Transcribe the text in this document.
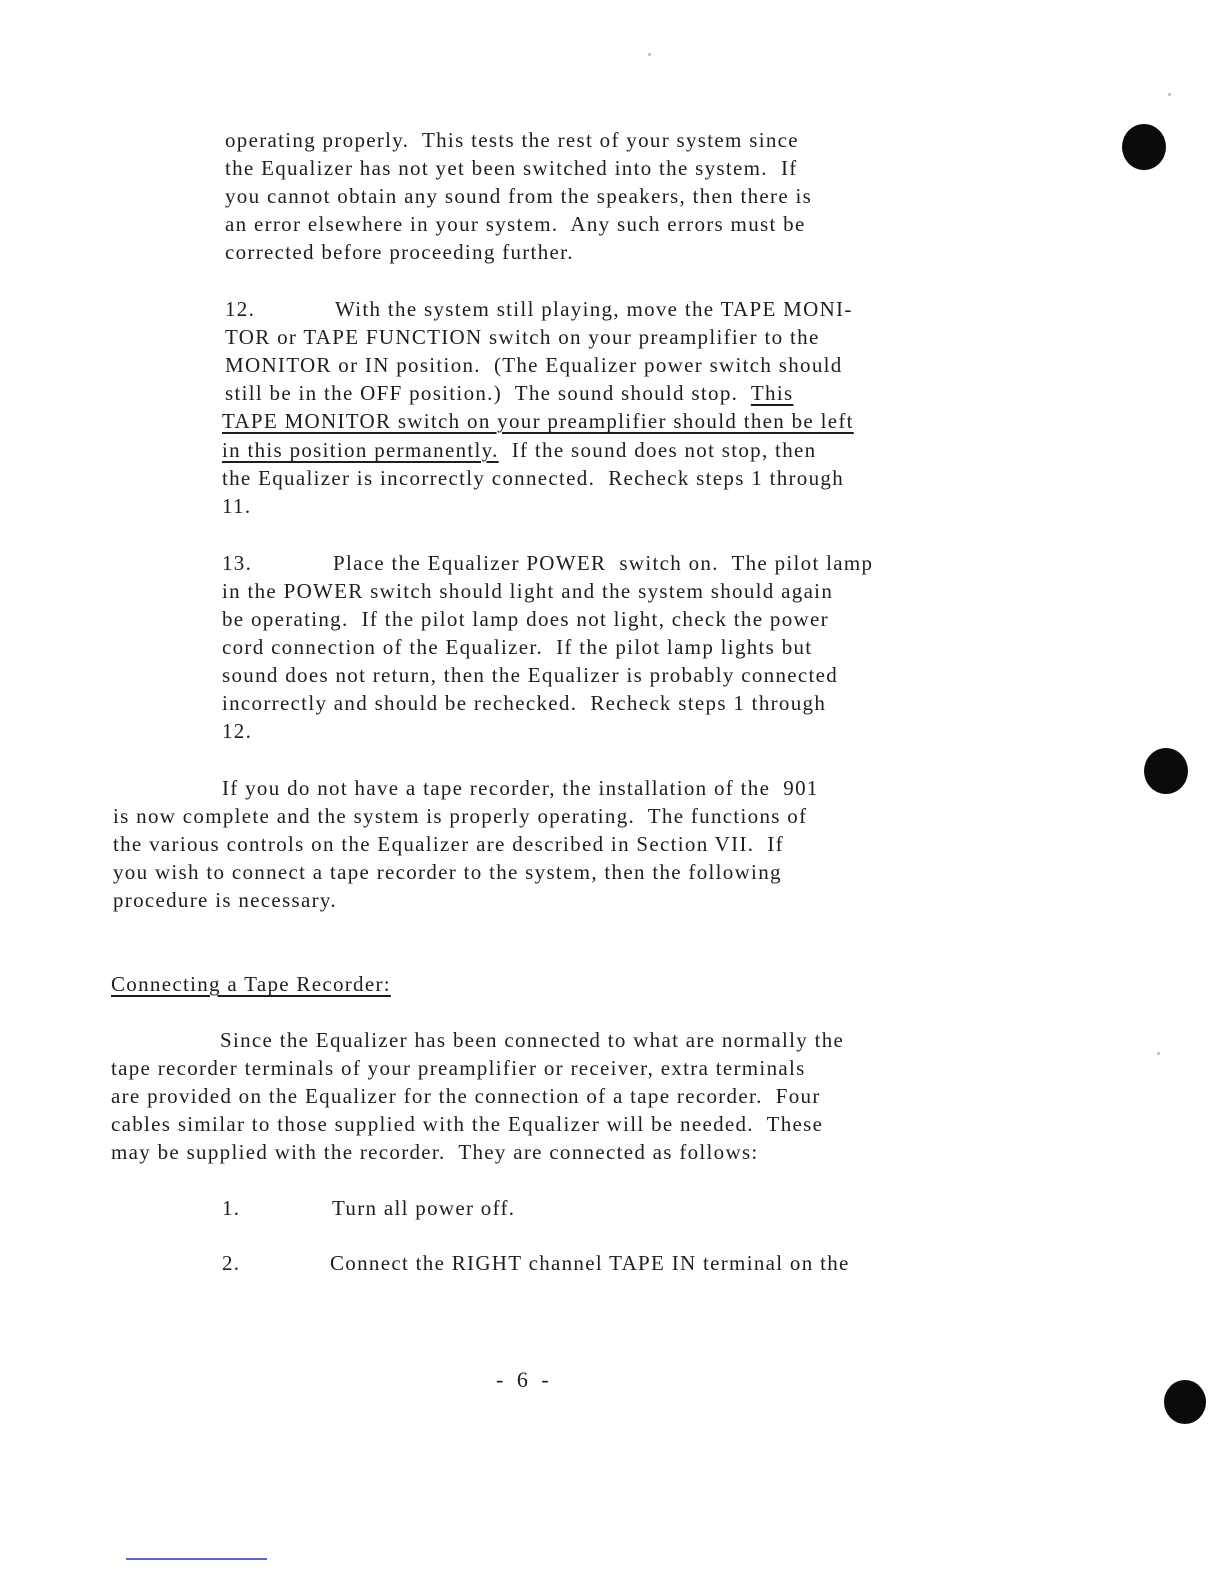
operating properly.  This tests the rest of your system since

the Equalizer has not yet been switched into the system.  If

you cannot obtain any sound from the speakers, then there is

an error elsewhere in your system.  Any such errors must be

corrected before proceeding further.

12.	With the system still playing, move the TAPE MONI-

TOR or TAPE FUNCTION switch on your preamplifier to the

MONITOR or IN position.  (The Equalizer power switch should

still be in the OFF position.)  The sound should stop.  This

TAPE MONITOR switch on your preamplifier should then be left

in this position permanently.  If the sound does not stop, then

the Equalizer is incorrectly connected.  Recheck steps 1 through

11.

13.	Place the Equalizer POWER  switch on.  The pilot lamp

in the POWER switch should light and the system should again

be operating.  If the pilot lamp does not light, check the power

cord connection of the Equalizer.  If the pilot lamp lights but

sound does not return, then the Equalizer is probably connected

incorrectly and should be rechecked.  Recheck steps 1 through

12.

If you do not have a tape recorder, the installation of the  901

is now complete and the system is properly operating.  The functions of

the various controls on the Equalizer are described in Section VII.  If

you wish to connect a tape recorder to the system, then the following

procedure is necessary.

Connecting a Tape Recorder:

Since the Equalizer has been connected to what are normally the

tape recorder terminals of your preamplifier or receiver, extra terminals

are provided on the Equalizer for the connection of a tape recorder.  Four

cables similar to those supplied with the Equalizer will be needed.  These

may be supplied with the recorder.  They are connected as follows:

1.	Turn all power off.

2.	Connect the RIGHT channel TAPE IN terminal on the

- 6 -
